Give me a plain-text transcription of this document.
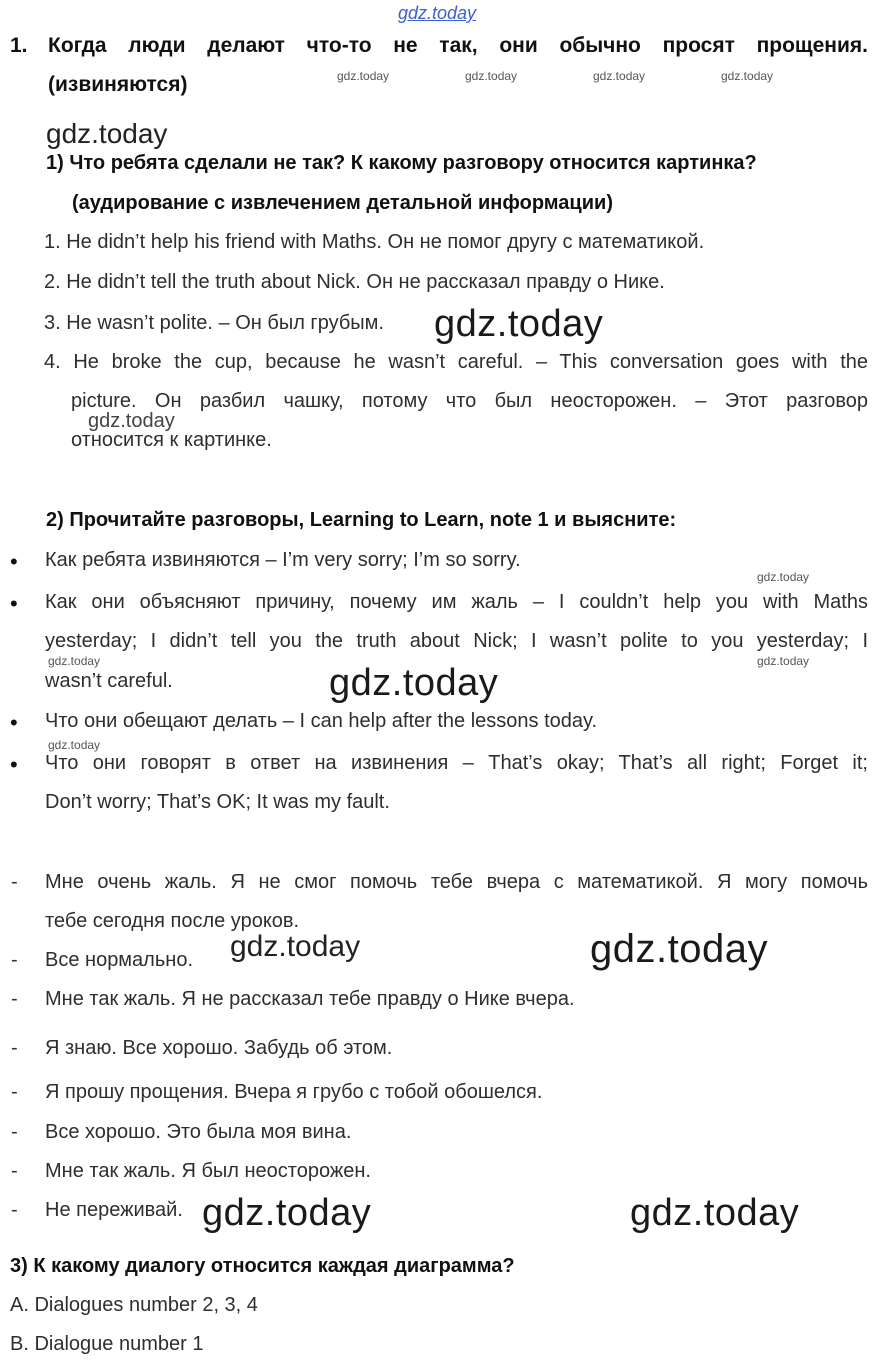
gdz.today
1. Когда люди делают что-то не так, они обычно просят прощения.
(извиняются)	gdz.today	gdz.today	gdz.today	gdz.today
gdz.today
1) Что ребята сделали не так? К какому разговору относится картинка?
(аудирование с извлечением детальной информации)
1. He didn’t help his friend with Maths. Он не помог другу с математикой.
2. He didn’t tell the truth about Nick. Он не рассказал правду о Нике.
3. He wasn’t polite. – Он был грубым. gdz.today
4. He broke the cup, because he wasn’t careful. – This conversation goes with the
picture. Он разбил чашку, потому что был неосторожен. – Этот разговор
gdz.today
относится к картинке.
2) Прочитайте разговоры, Learning to Learn, note 1 и выясните:
• Как ребята извиняются – I’m very sorry; I’m so sorry.
gdz.today
• Как они объясняют причину, почему им жаль – I couldn’t help you with Maths
yesterday; I didn’t tell you the truth about Nick; I wasn’t polite to you yesterday; I
gdz.today	gdz.today
wasn’t careful.	gdz.today
• Что они обещают делать – I can help after the lessons today.
gdz.today
• Что они говорят в ответ на извинения – That’s okay; That’s all right; Forget it;
Don’t worry; That’s OK; It was my fault.
- Мне очень жаль. Я не смог помочь тебе вчера с математикой. Я могу помочь
тебе сегодня после уроков.
- Все нормально. gdz.today	gdz.today
- Мне так жаль. Я не рассказал тебе правду о Нике вчера.
- Я знаю. Все хорошо. Забудь об этом.
- Я прошу прощения. Вчера я грубо с тобой обошелся.
- Все хорошо. Это была моя вина.
- Мне так жаль. Я был неосторожен.
- Не переживай. gdz.today	gdz.today
3) К какому диалогу относится каждая диаграмма?
A. Dialogues number 2, 3, 4
B. Dialogue number 1
